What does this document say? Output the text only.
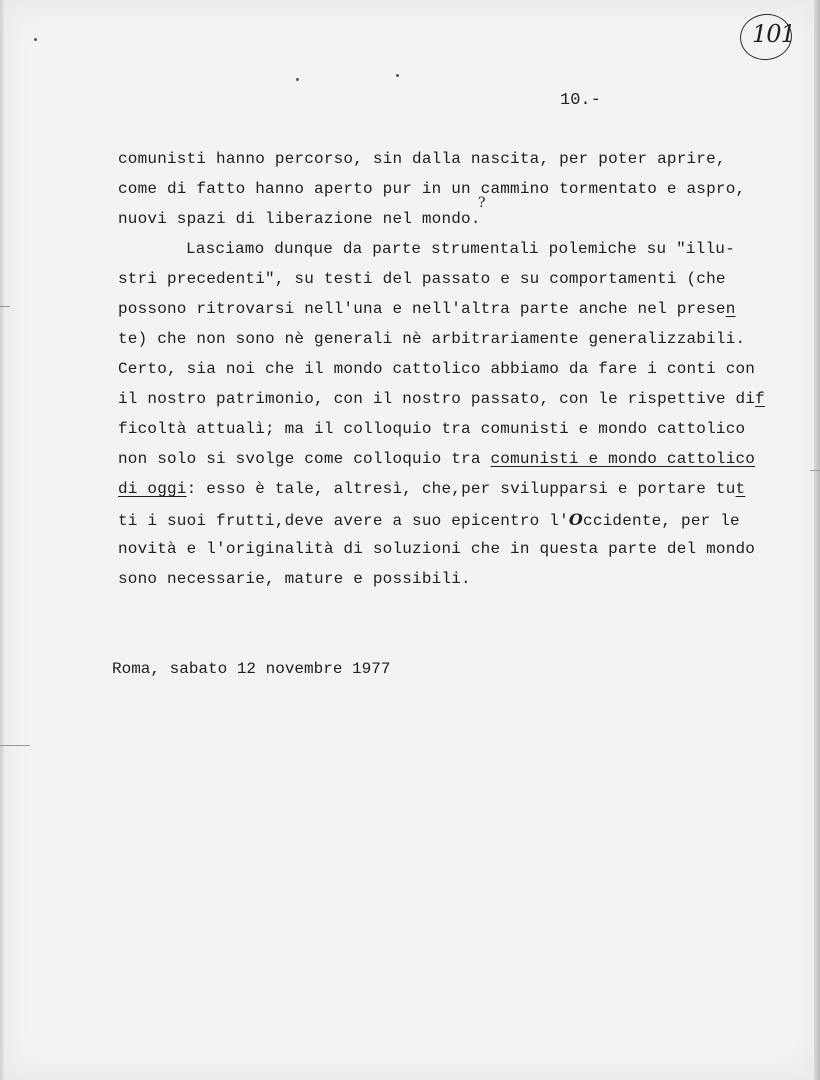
101
10.-
comunisti hanno percorso, sin dalla nascita, per poter aprire,
come di fatto hanno aperto pur in un cammino tormentato e aspro,
nuovi spazi di liberazione nel mondo.
?
Lasciamo dunque da parte strumentali polemiche su "illu-
stri precedenti", su testi del passato e su comportamenti (che
possono ritrovarsi nell'una e nell'altra parte anche nel presen
te) che non sono nè generali nè arbitrariamente generalizzabili.
Certo, sia noi che il mondo cattolico abbiamo da fare i conti con
il nostro patrimonio, con il nostro passato, con le rispettive dif
ficoltà attualì; ma il colloquio tra comunisti e mondo cattolico
non solo si svolge come colloquio tra comunisti e mondo cattolico
di oggi: esso è tale, altresì, che,per svilupparsi e portare tut
ti i suoi frutti,deve avere a suo epicentro l'Occidente, per le
novità e l'originalità di soluzioni che in questa parte del mondo
sono necessarie, mature e possibili.
Roma, sabato 12 novembre 1977
